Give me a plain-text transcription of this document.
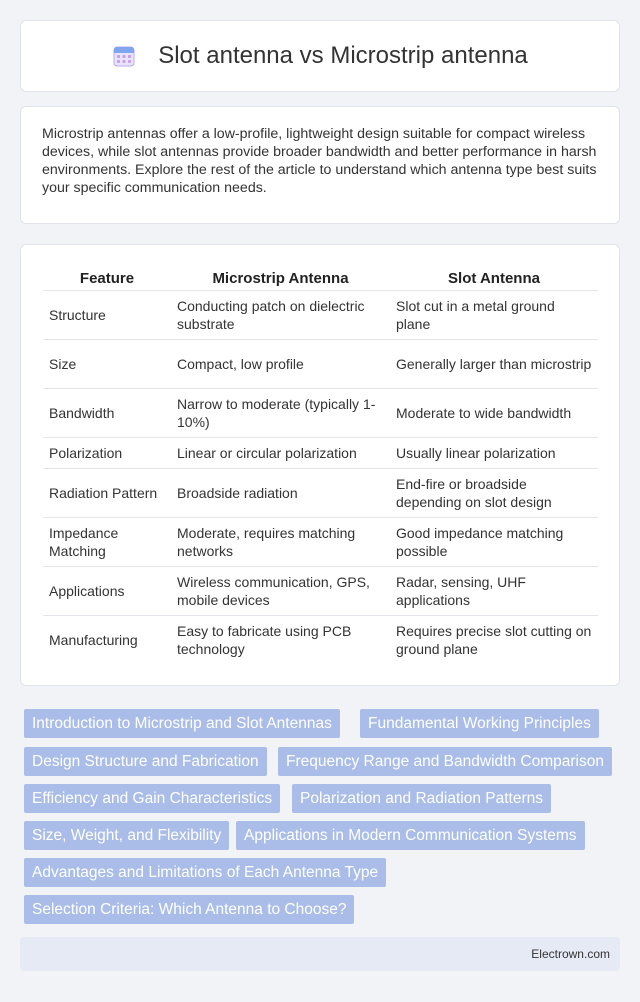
Slot antenna vs Microstrip antenna

Microstrip antennas offer a low-profile, lightweight design suitable for compact wireless devices, while slot antennas provide broader bandwidth and better performance in harsh environments. Explore the rest of the article to understand which antenna type best suits your specific communication needs.

Feature	Microstrip Antenna	Slot Antenna
Structure	Conducting patch on dielectric substrate	Slot cut in a metal ground plane
Size	Compact, low profile	Generally larger than microstrip
Bandwidth	Narrow to moderate (typically 1-10%)	Moderate to wide bandwidth
Polarization	Linear or circular polarization	Usually linear polarization
Radiation Pattern	Broadside radiation	End-fire or broadside depending on slot design
Impedance Matching	Moderate, requires matching networks	Good impedance matching possible
Applications	Wireless communication, GPS, mobile devices	Radar, sensing, UHF applications
Manufacturing	Easy to fabricate using PCB technology	Requires precise slot cutting on ground plane
Introduction to Microstrip and Slot Antennas	Fundamental Working Principles
Design Structure and Fabrication	Frequency Range and Bandwidth Comparison
Efficiency and Gain Characteristics	Polarization and Radiation Patterns
Size, Weight, and Flexibility	Applications in Modern Communication Systems
Advantages and Limitations of Each Antenna Type
Selection Criteria: Which Antenna to Choose?
Electrown.com
